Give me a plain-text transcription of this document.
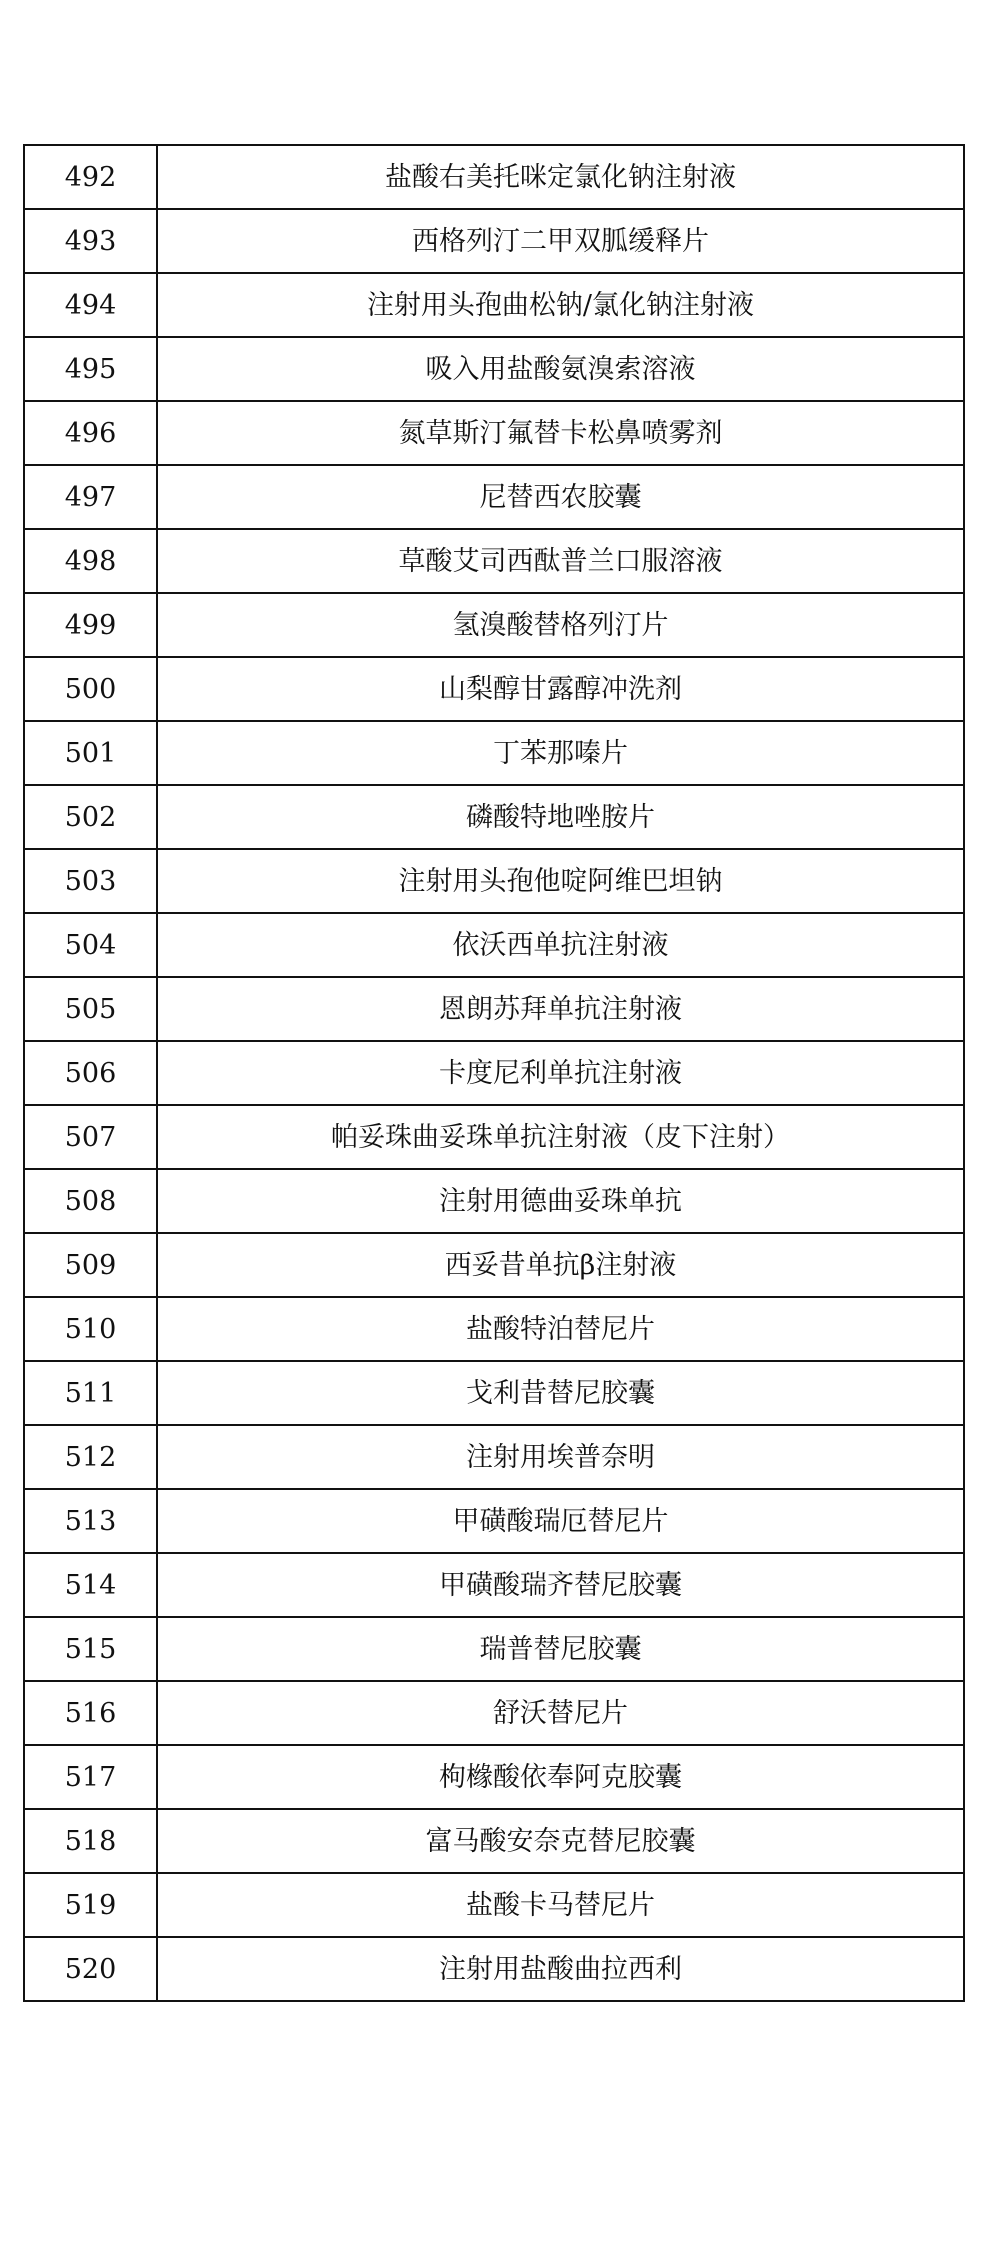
492	盐酸右美托咪定氯化钠注射液
493	西格列汀二甲双胍缓释片
494	注射用头孢曲松钠/氯化钠注射液
495	吸入用盐酸氨溴索溶液
496	氮草斯汀氟替卡松鼻喷雾剂
497	尼替西农胶囊
498	草酸艾司西酞普兰口服溶液
499	氢溴酸替格列汀片
500	山梨醇甘露醇冲洗剂
501	丁苯那嗪片
502	磷酸特地唑胺片
503	注射用头孢他啶阿维巴坦钠
504	依沃西单抗注射液
505	恩朗苏拜单抗注射液
506	卡度尼利单抗注射液
507	帕妥珠曲妥珠单抗注射液（皮下注射）
508	注射用德曲妥珠单抗
509	西妥昔单抗β注射液
510	盐酸特泊替尼片
511	戈利昔替尼胶囊
512	注射用埃普奈明
513	甲磺酸瑞厄替尼片
514	甲磺酸瑞齐替尼胶囊
515	瑞普替尼胶囊
516	舒沃替尼片
517	枸橼酸依奉阿克胶囊
518	富马酸安奈克替尼胶囊
519	盐酸卡马替尼片
520	注射用盐酸曲拉西利
